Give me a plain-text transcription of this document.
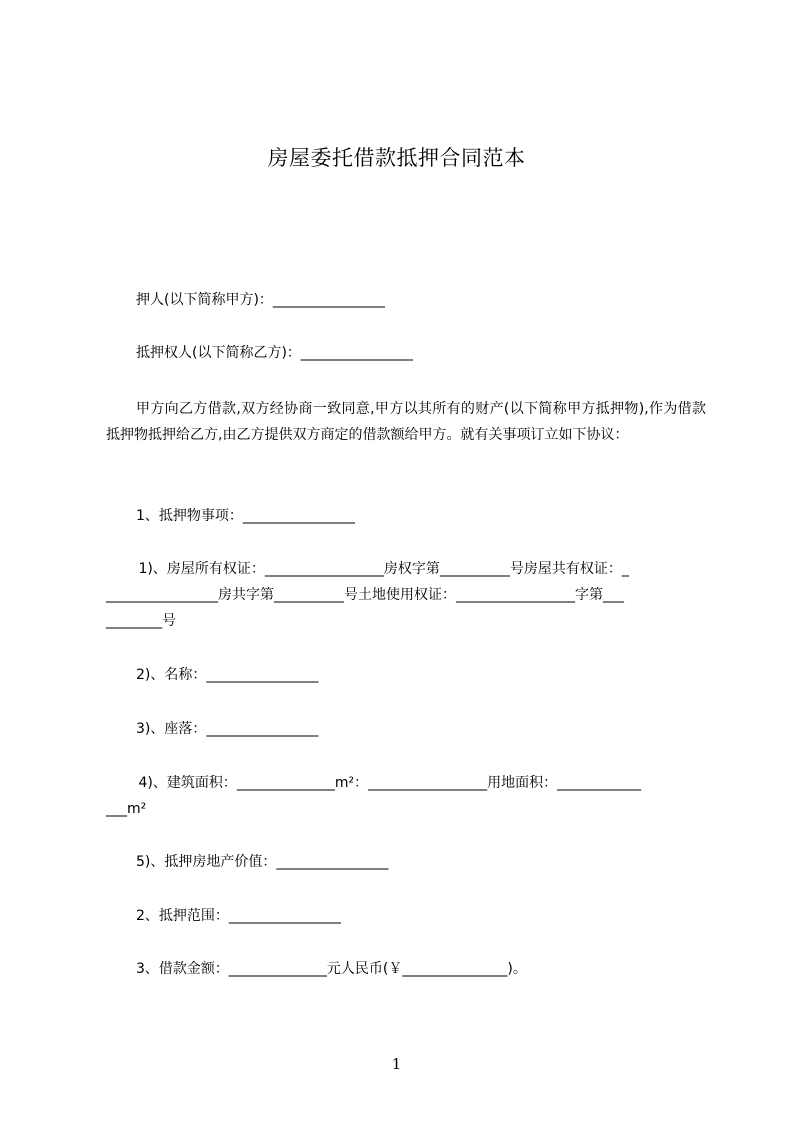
房屋委托借款抵押合同范本
押人(以下简称甲方)：________________
抵押权人(以下简称乙方)：________________
甲方向乙方借款,双方经协商一致同意,甲方以其所有的财产(以下简称甲方抵押物),作为借款抵押物抵押给乙方,由乙方提供双方商定的借款额给甲方。就有关事项订立如下协议：
1、抵押物事项：________________
1)、房屋所有权证：_________________房权字第__________号房屋共有权证：_
________________房共字第__________号土地使用权证：_________________字第___
________号
2)、名称：________________
3)、座落：________________
4)、建筑面积：______________m²：_________________用地面积：____________
___m²
5)、抵押房地产价值：________________
2、抵押范围：________________
3、借款金额：______________元人民币(￥_______________)。
1
